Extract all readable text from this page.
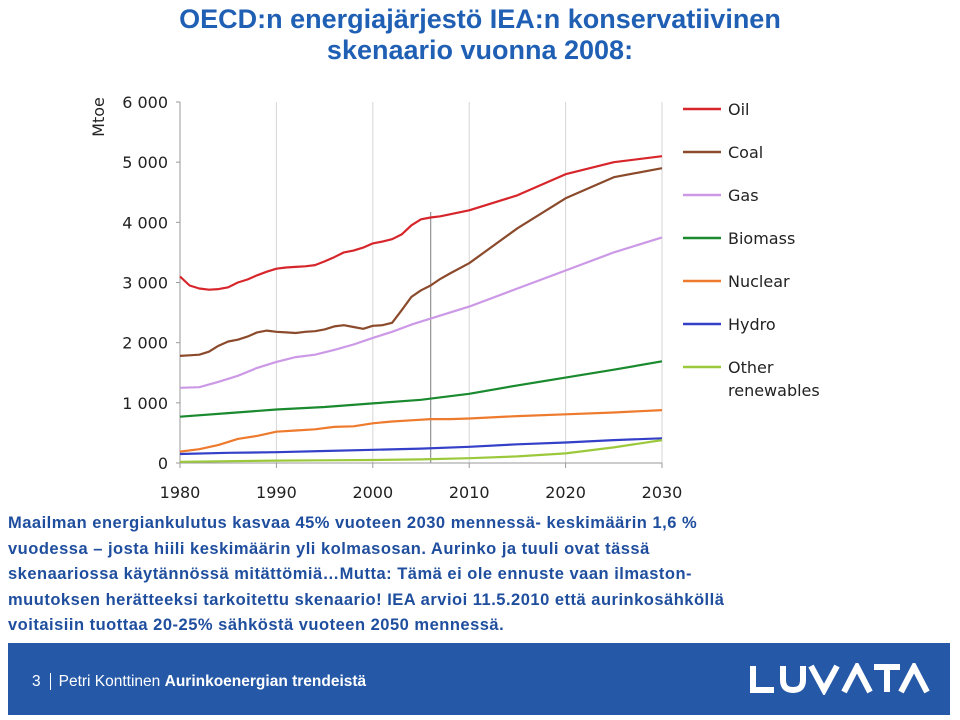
OECD:n energiajärjestö IEA:n konservatiivinen
skenaario vuonna 2008:
0
1 000
2 000
3 000
4 000
5 000
6 000
1980	1990	2000	2010	2020	2030
Mtoe	Oil
Coal
Gas
Biomass
Nuclear
Hydro
Other
renewables
Maailman energiankulutus kasvaa 45% vuoteen 2030 mennessä- keskimäärin 1,6 %
vuodessa – josta hiili keskimäärin yli kolmasosan. Aurinko ja tuuli ovat tässä
skenaariossa käytännössä mitättömiä…Mutta: Tämä ei ole ennuste vaan ilmaston-
muutoksen herätteeksi tarkoitettu skenaario! IEA arvioi 11.5.2010 että aurinkosähköllä
voitaisiin tuottaa 20-25% sähköstä vuoteen 2050 mennessä.
3 Petri Konttinen Aurinkoenergian trendeistä
